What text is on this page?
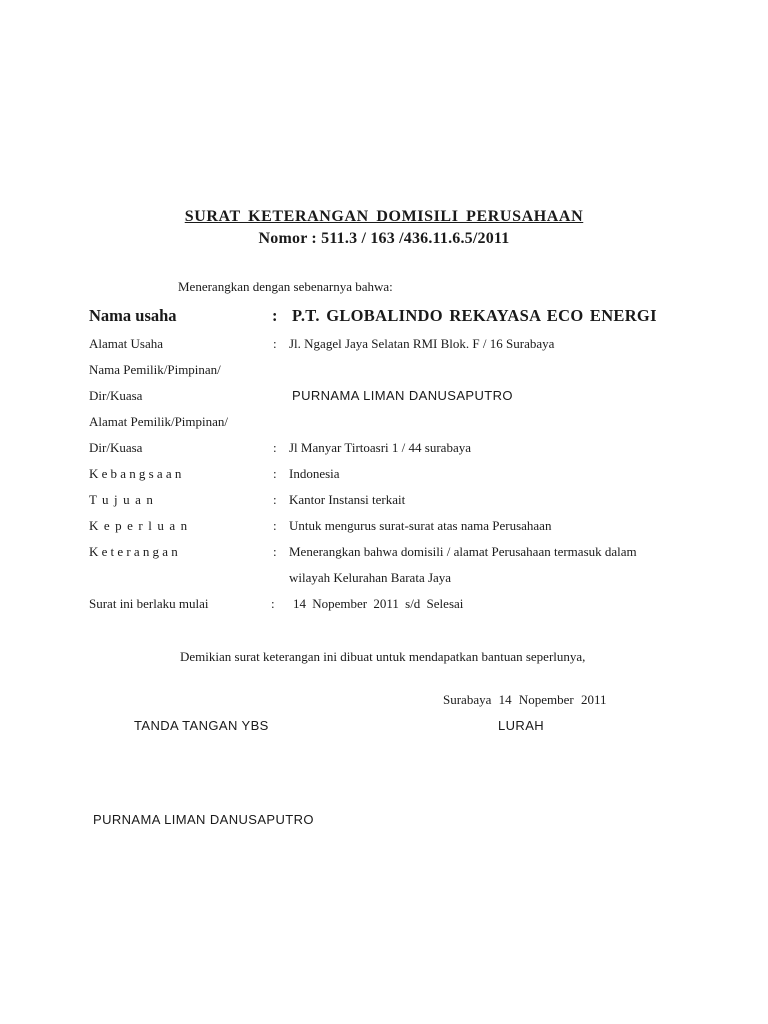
SURAT KETERANGAN DOMISILI PERUSAHAAN
Nomor : 511.3 / 163 /436.11.6.5/2011
Menerangkan dengan sebenarnya bahwa:
Nama usaha	: P.T. GLOBALINDO REKAYASA ECO ENERGI
Alamat Usaha	: Jl. Ngagel Jaya Selatan RMI Blok. F / 16 Surabaya
Nama Pemilik/Pimpinan/
Dir/Kuasa	PURNAMA LIMAN DANUSAPUTRO
Alamat Pemilik/Pimpinan/
Dir/Kuasa	: Jl Manyar Tirtoasri 1 / 44 surabaya
Kebangsaan	: Indonesia
Tujuan	: Kantor Instansi terkait
Keperluan	: Untuk mengurus surat-surat atas nama Perusahaan
Keterangan	: Menerangkan bahwa domisili / alamat Perusahaan termasuk dalam
wilayah Kelurahan Barata Jaya
Surat ini berlaku mulai	: 14 Nopember 2011 s/d Selesai
Demikian surat keterangan ini dibuat untuk mendapatkan bantuan seperlunya,
Surabaya 14 Nopember 2011
TANDA TANGAN YBS	LURAH
PURNAMA LIMAN DANUSAPUTRO
